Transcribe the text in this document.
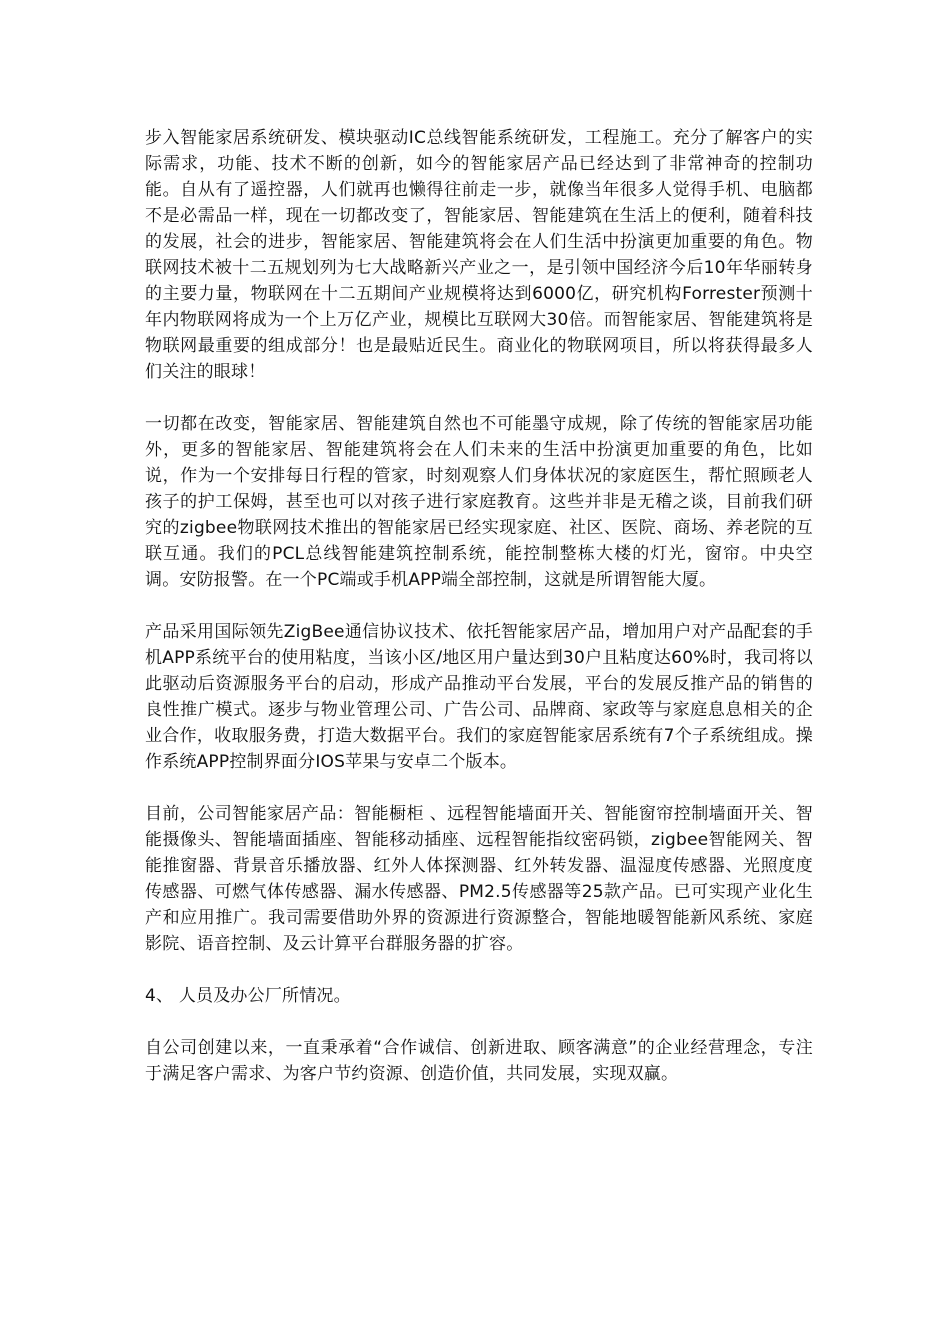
步入智能家居系统研发、模块驱动IC总线智能系统研发，工程施工。充分了解客户的实际需求，功能、技术不断的创新，如今的智能家居产品已经达到了非常神奇的控制功能。自从有了遥控器，人们就再也懒得往前走一步，就像当年很多人觉得手机、电脑都不是必需品一样，现在一切都改变了，智能家居、智能建筑在生活上的便利，随着科技的发展，社会的进步，智能家居、智能建筑将会在人们生活中扮演更加重要的角色。物联网技术被十二五规划列为七大战略新兴产业之一，是引领中国经济今后10年华丽转身的主要力量，物联网在十二五期间产业规模将达到6000亿，研究机构Forrester预测十年内物联网将成为一个上万亿产业，规模比互联网大30倍。而智能家居、智能建筑将是物联网最重要的组成部分！也是最贴近民生。商业化的物联网项目，所以将获得最多人们关注的眼球！

一切都在改变，智能家居、智能建筑自然也不可能墨守成规，除了传统的智能家居功能外，更多的智能家居、智能建筑将会在人们未来的生活中扮演更加重要的角色，比如说，作为一个安排每日行程的管家，时刻观察人们身体状况的家庭医生，帮忙照顾老人孩子的护工保姆，甚至也可以对孩子进行家庭教育。这些并非是无稽之谈，目前我们研究的zigbee物联网技术推出的智能家居已经实现家庭、社区、医院、商场、养老院的互联互通。我们的PCL总线智能建筑控制系统，能控制整栋大楼的灯光，窗帘。中央空调。安防报警。在一个PC端或手机APP端全部控制，这就是所谓智能大厦。

产品采用国际领先ZigBee通信协议技术、依托智能家居产品，增加用户对产品配套的手机APP系统平台的使用粘度，当该小区/地区用户量达到30户且粘度达60%时，我司将以此驱动后资源服务平台的启动，形成产品推动平台发展，平台的发展反推产品的销售的良性推广模式。逐步与物业管理公司、广告公司、品牌商、家政等与家庭息息相关的企业合作，收取服务费，打造大数据平台。我们的家庭智能家居系统有7个子系统组成。操作系统APP控制界面分IOS苹果与安卓二个版本。

目前，公司智能家居产品：智能橱柜 、远程智能墙面开关、智能窗帘控制墙面开关、智能摄像头、智能墙面插座、智能移动插座、远程智能指纹密码锁，zigbee智能网关、智能推窗器、背景音乐播放器、红外人体探测器、红外转发器、温湿度传感器、光照度度传感器、可燃气体传感器、漏水传感器、PM2.5传感器等25款产品。已可实现产业化生产和应用推广。我司需要借助外界的资源进行资源整合，智能地暖智能新风系统、家庭影院、语音控制、及云计算平台群服务器的扩容。

4、 人员及办公厂所情况。

自公司创建以来，一直秉承着“合作诚信、创新进取、顾客满意”的企业经营理念，专注于满足客户需求、为客户节约资源、创造价值，共同发展，实现双赢。
